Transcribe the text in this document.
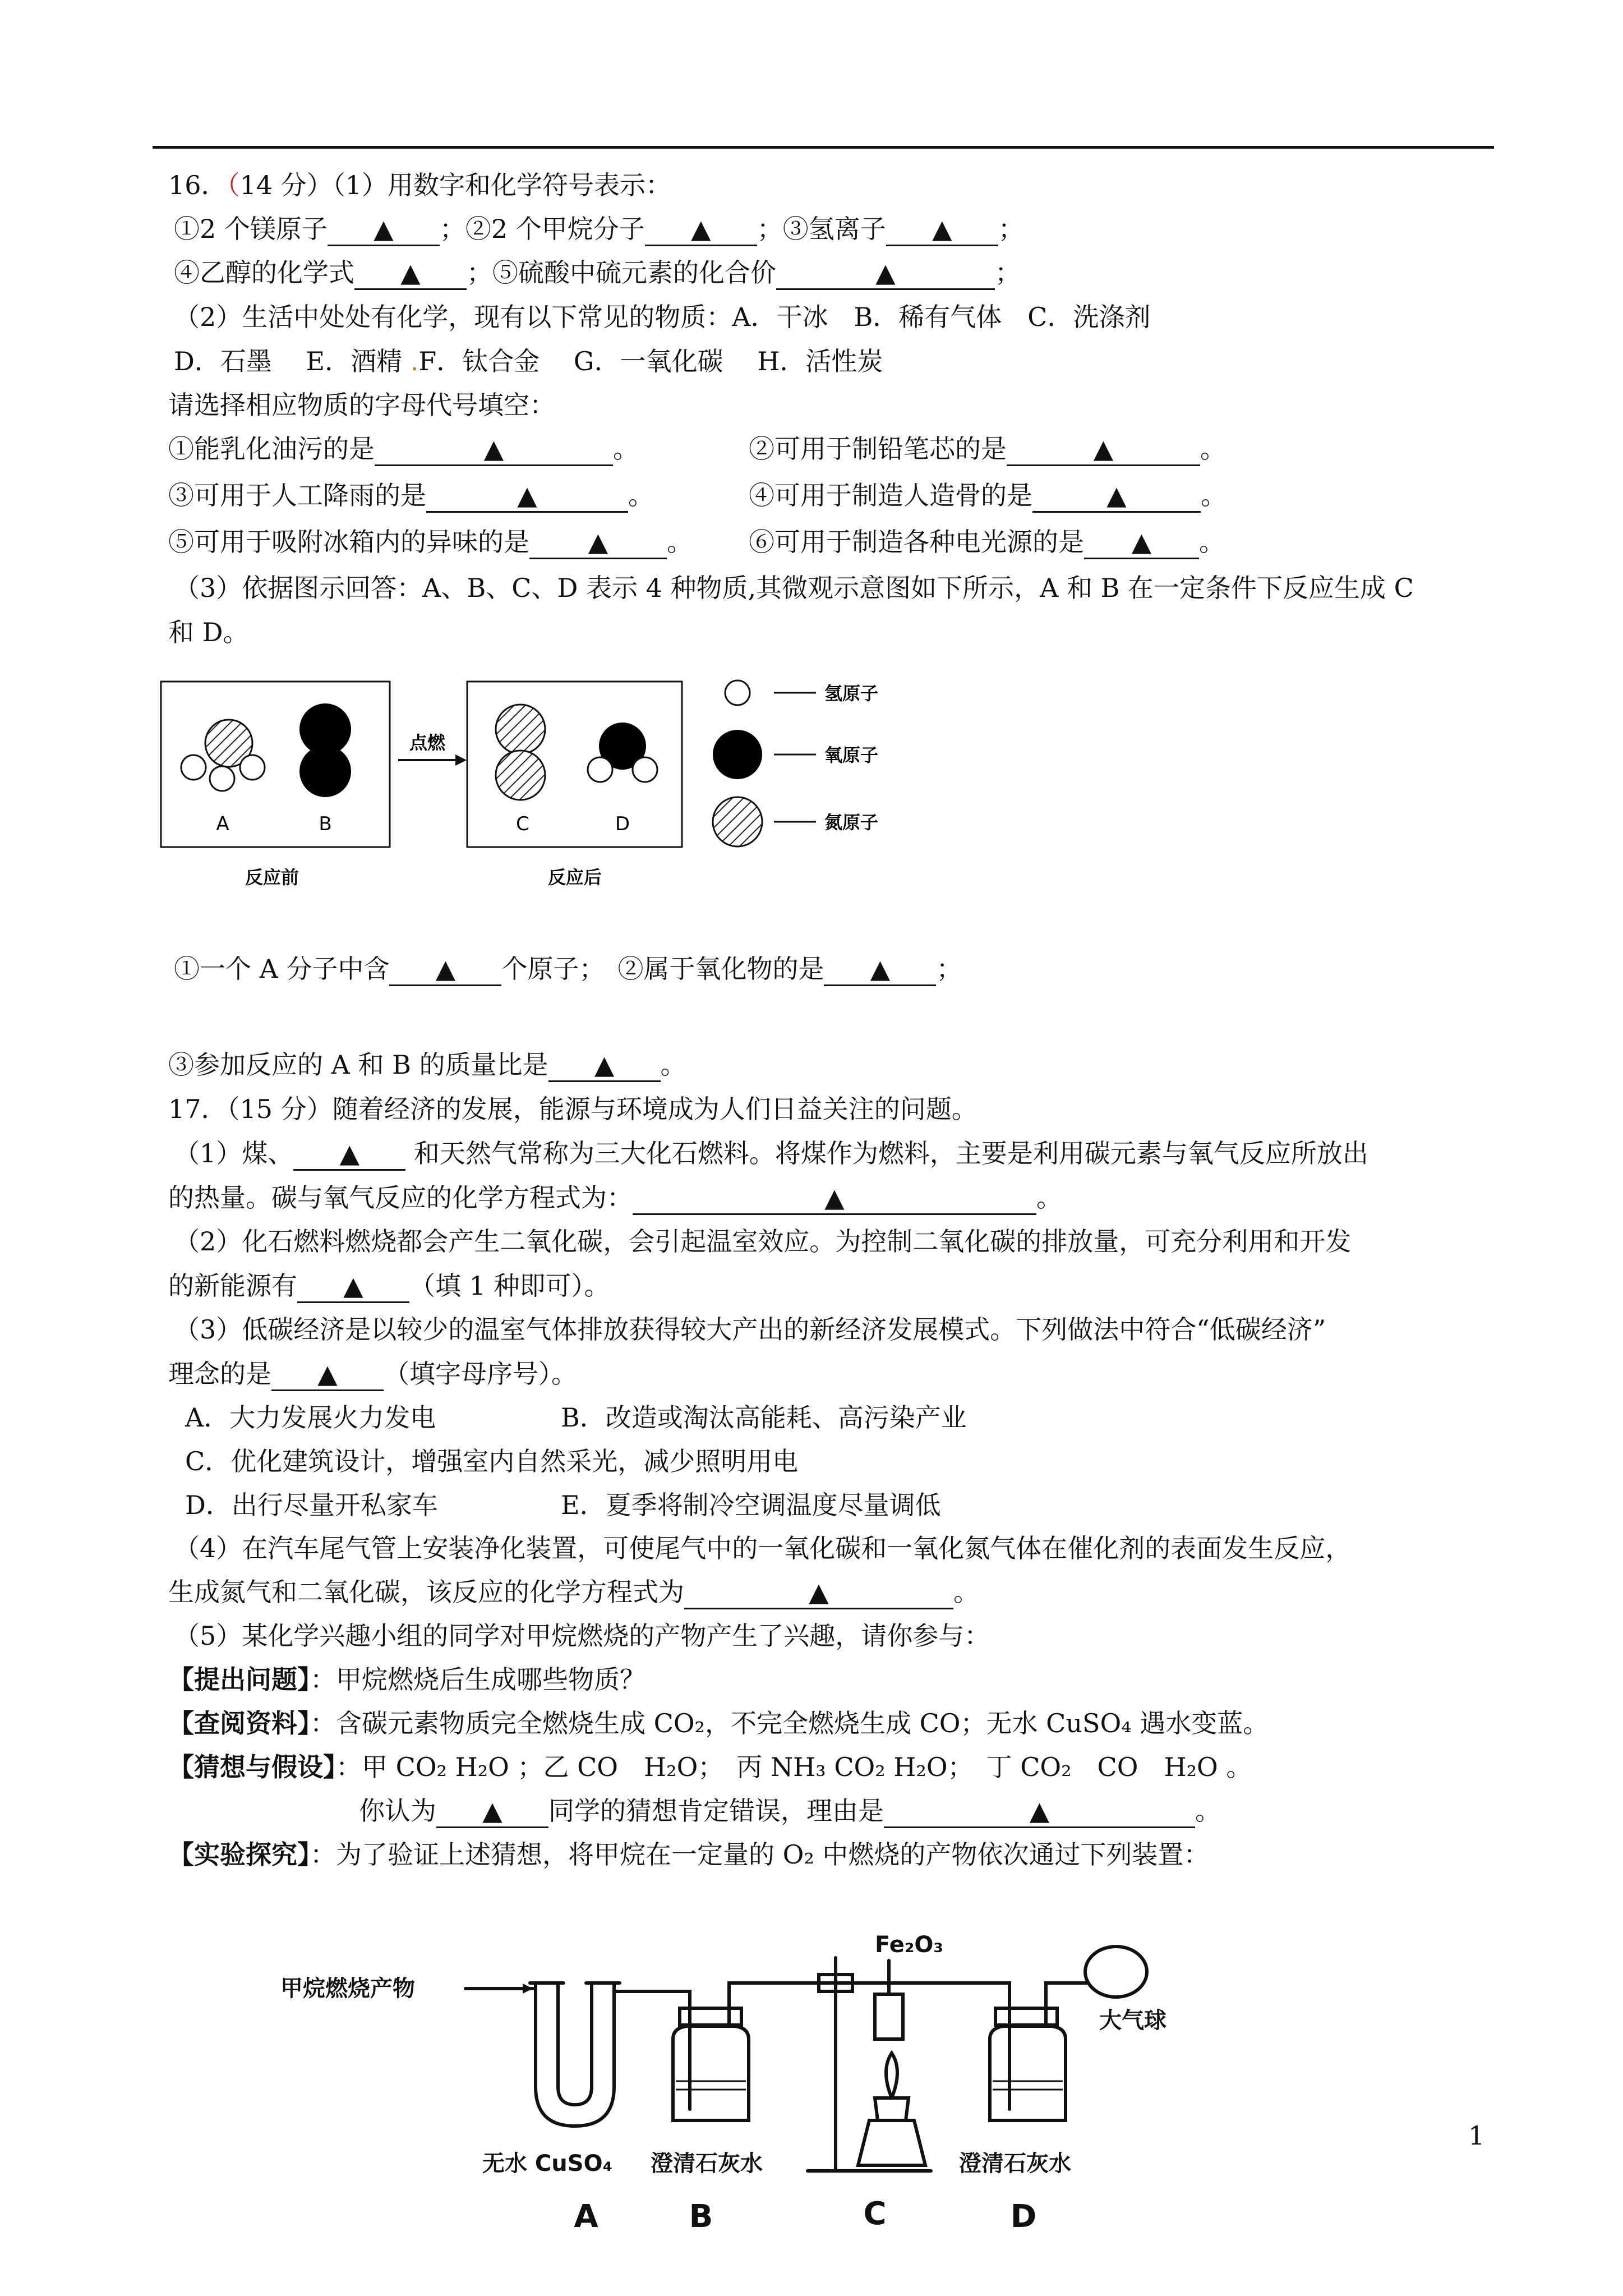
16．（14 分）（1）用数字和化学符号表示：
①2 个镁原子 ▲ ；②2 个甲烷分子 ▲ ；③氢离子 ▲ ；
④乙醇的化学式 ▲ ；⑤硫酸中硫元素的化合价	▲	；
（2）生活中处处有化学，现有以下常见的物质：A．干冰　B．稀有气体　C．洗涤剂
D．石墨　 E．酒精 .F．钛合金　 G．一氧化碳　 H．活性炭
请选择相应物质的字母代号填空：
①能乳化油污的是	▲	。	②可用于制铅笔芯的是	▲	。
③可用于人工降雨的是	▲	。	④可用于制造人造骨的是	▲	。
⑤可用于吸附冰箱内的异味的是 ▲ 。 ⑥可用于制造各种电光源的是 ▲ 。
（3）依据图示回答：A、B、C、D 表示 4 种物质,其微观示意图如下所示，A 和 B 在一定条件下反应生成 C
和 D。
A	B
点燃
C	D
反应前	反应后
氢原子
氧原子
氮原子
①一个 A 分子中含 ▲ 个原子；　②属于氧化物的是 ▲ ；
③参加反应的 A 和 B 的质量比是 ▲ 。
17．（15 分）随着经济的发展，能源与环境成为人们日益关注的问题。
（1）煤、 ▲ 和天然气常称为三大化石燃料。将煤作为燃料，主要是利用碳元素与氧气反应所放出
的热量。碳与氧气反应的化学方程式为：	▲	。
（2）化石燃料燃烧都会产生二氧化碳，会引起温室效应。为控制二氧化碳的排放量，可充分利用和开发
的新能源有 ▲ （填 1 种即可）。
（3）低碳经济是以较少的温室气体排放获得较大产出的新经济发展模式。下列做法中符合“低碳经济”
理念的是 ▲ （填字母序号）。
A．大力发展火力发电	B．改造或淘汰高能耗、高污染产业
C．优化建筑设计，增强室内自然采光，减少照明用电
D．出行尽量开私家车	E．夏季将制冷空调温度尽量调低
（4）在汽车尾气管上安装净化装置，可使尾气中的一氧化碳和一氧化氮气体在催化剂的表面发生反应，
生成氮气和二氧化碳，该反应的化学方程式为	▲	。
（5）某化学兴趣小组的同学对甲烷燃烧的产物产生了兴趣，请你参与：
【提出问题】：甲烷燃烧后生成哪些物质？
【查阅资料】：含碳元素物质完全燃烧生成 CO₂，不完全燃烧生成 CO；无水 CuSO₄ 遇水变蓝。
【猜想与假设】：甲 CO₂ H₂O ；乙 CO　H₂O；　丙 NH₃ CO₂ H₂O；　丁 CO₂　CO　H₂O 。
你认为 ▲ 同学的猜想肯定错误，理由是	▲	。
【实验探究】：为了验证上述猜想，将甲烷在一定量的 O₂ 中燃烧的产物依次通过下列装置：
甲烷燃烧产物
Fe₂O₃
大气球
无水 CuSO₄ 澄清石灰水	澄清石灰水
A	B	C	D
1
